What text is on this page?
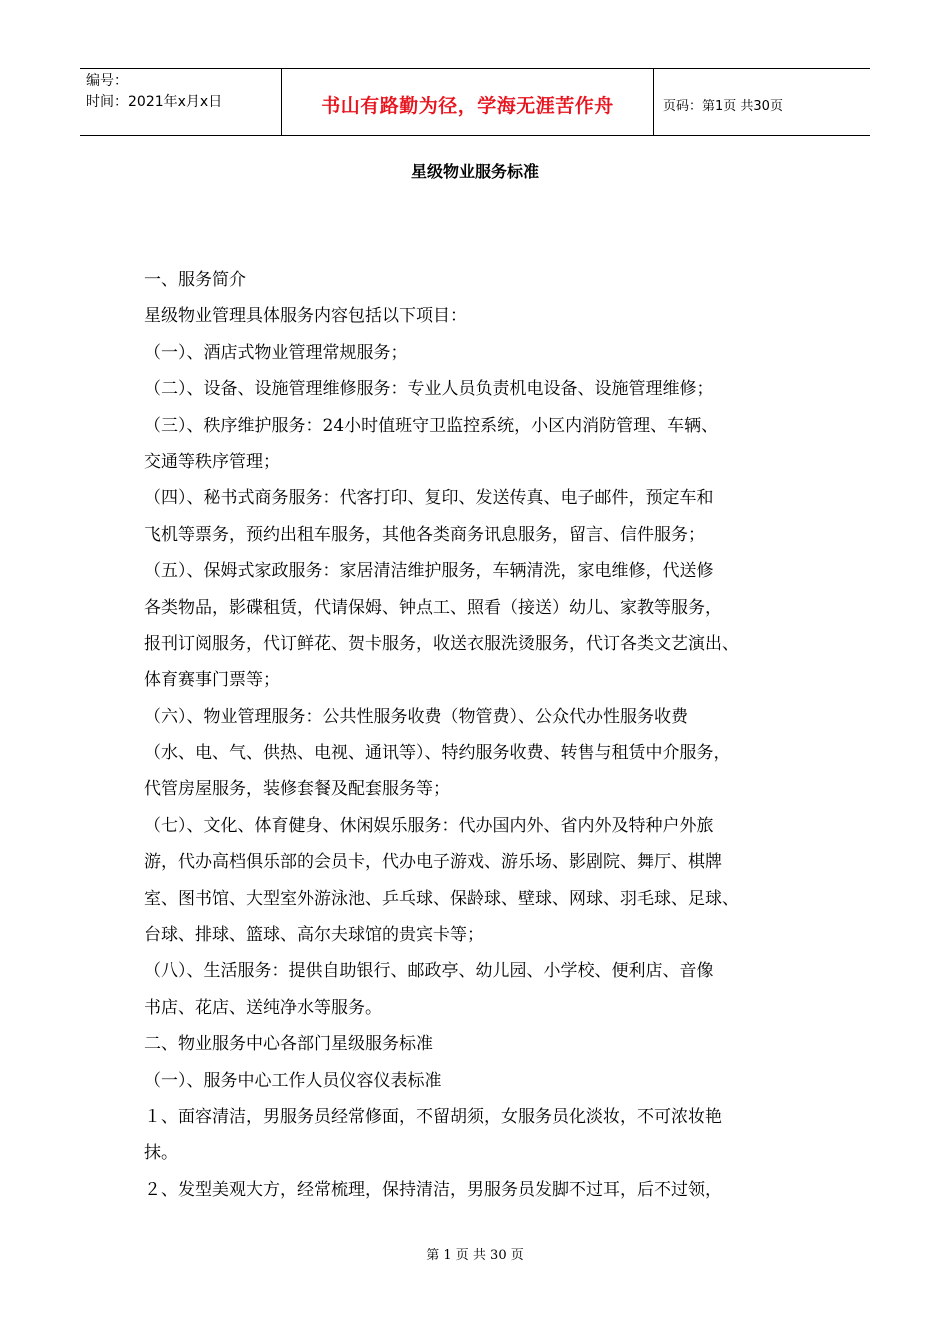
编号：
时间：2021年x月x日	书山有路勤为径，学海无涯苦作舟	页码：第1页 共30页
星级物业服务标准
一、服务简介
星级物业管理具体服务内容包括以下项目：
（一）、酒店式物业管理常规服务；
（二）、设备、设施管理维修服务：专业人员负责机电设备、设施管理维修；
（三）、秩序维护服务：24小时值班守卫监控系统，小区内消防管理、车辆、
交通等秩序管理；
（四）、秘书式商务服务：代客打印、复印、发送传真、电子邮件，预定车和
飞机等票务，预约出租车服务，其他各类商务讯息服务，留言、信件服务；
（五）、保姆式家政服务：家居清洁维护服务，车辆清洗，家电维修，代送修
各类物品，影碟租赁，代请保姆、钟点工、照看（接送）幼儿、家教等服务，
报刊订阅服务，代订鲜花、贺卡服务，收送衣服洗烫服务，代订各类文艺演出、
体育赛事门票等；
（六）、物业管理服务：公共性服务收费（物管费）、公众代办性服务收费
（水、电、气、供热、电视、通讯等）、特约服务收费、转售与租赁中介服务，
代管房屋服务，装修套餐及配套服务等；
（七）、文化、体育健身、休闲娱乐服务：代办国内外、省内外及特种户外旅
游，代办高档俱乐部的会员卡，代办电子游戏、游乐场、影剧院、舞厅、棋牌
室、图书馆、大型室外游泳池、乒乓球、保龄球、壁球、网球、羽毛球、足球、
台球、排球、篮球、高尔夫球馆的贵宾卡等；
（八）、生活服务：提供自助银行、邮政亭、幼儿园、小学校、便利店、音像
书店、花店、送纯净水等服务。
二、物业服务中心各部门星级服务标准
（一）、服务中心工作人员仪容仪表标准
１、面容清洁，男服务员经常修面，不留胡须，女服务员化淡妆，不可浓妆艳
抹。
２、发型美观大方，经常梳理，保持清洁，男服务员发脚不过耳，后不过领，
第 1 页 共 30 页
